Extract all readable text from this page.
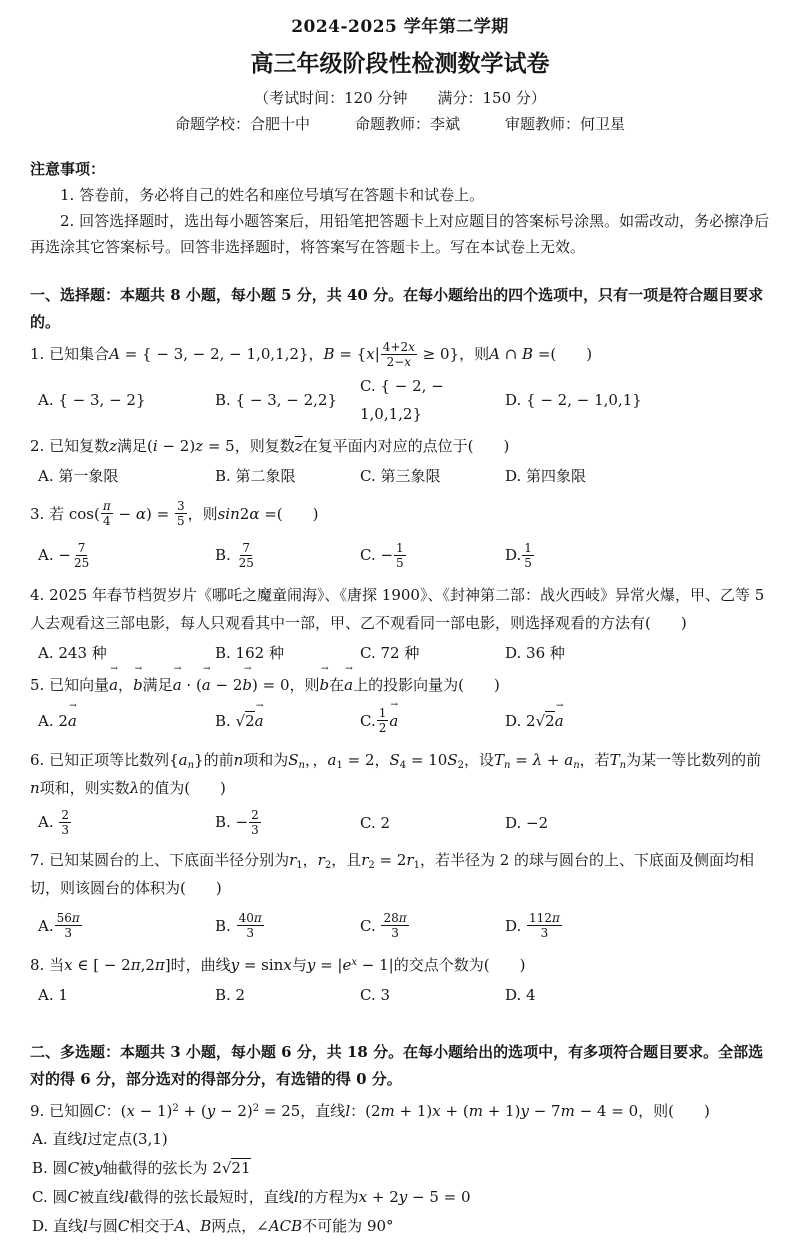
2024-2025 学年第二学期
高三年级阶段性检测数学试卷
（考试时间：120 分钟　　满分：150 分）
命题学校：合肥十中　　　命题教师：李斌　　　审题教师：何卫星

注意事项：

1. 答卷前，务必将自己的姓名和座位号填写在答题卡和试卷上。

2. 回答选择题时，选出每小题答案后，用铅笔把答题卡上对应题目的答案标号涂黑。如需改动，务必擦净后再选涂其它答案标号。回答非选择题时，将答案写在答题卡上。写在本试卷上无效。

一、选择题：本题共 8 小题，每小题 5 分，共 40 分。在每小题给出的四个选项中，只有一项是符合题目要求的。

1. 已知集合A = { − 3, − 2, − 1,0,1,2}，$B = \{x| \frac{4+2x}{2-x} \ge 0\}$，则A ∩ B =(　　)

A. { − 3, − 2}	B. { − 3, − 2,2}
C. { − 2, − 1,0,1,2}
D. { − 2, − 1,0,1}

2. 已知复数z满足(i − 2)z = 5，则复数$\overline{z}$在复平面内对应的点位于(　　)

A. 第一象限	B. 第二象限	C. 第三象限	D. 第四象限

3. 若 $\cos( \frac{\pi}{4} - \alpha) = \frac{3}{5}$ ，则sin2α =(　　)

A. − $\frac{7}{25}$	B. $\frac{7}{25}$	C. − $\frac{1}{5}$	D. $\frac{1}{5}$

4. 2025 年春节档贺岁片《哪吒之魔童闹海》、《唐探 1900》、《封神第二部：战火西岐》异常火爆，甲、乙等 5 人去观看这三部电影，每人只观看其中一部，甲、乙不观看同一部电影，则选择观看的方法有(　　)

A. 243 种	B. 162 种	C. 72 种	D. 36 种

5. 已知向量a →，b →满足a → · (a → − 2b →) = 0，则b →在a →上的投影向量为(　　)

A. 2a →	B. √2a →	C. $\frac{1}{2}$ a →	D. 2√2a →

6. 已知正项等比数列$\{a_n\}$的前n项和为$S_n$，，$a_1 = 2$，$S_4 = 10S_2$，设$T_n = \lambda + a_n$，若$T_n$为某一等比数列的前n项和，则实数λ的值为(　　)

A. $\frac{2}{3}$	B. − $\frac{2}{3}$	C. 2	D. −2

7. 已知某圆台的上、下底面半径分别为$r_1$，$r_2$，且$r_2 = 2r_1$，若半径为 2 的球与圆台的上、下底面及侧面均相切，则该圆台的体积为(　　)

A. $\frac{56\pi}{3}$	B. $\frac{40\pi}{3}$	C. $\frac{28\pi}{3}$	D. $\frac{112\pi}{3}$

8. 当x ∈ [ − 2π,2π]时，曲线y = sinx与$y = |e^x - 1|$的交点个数为(　　)

A. 1	B. 2	C. 3	D. 4

二、多选题：本题共 3 小题，每小题 6 分，共 18 分。在每小题给出的选项中，有多项符合题目要求。全部选对的得 6 分，部分选对的得部分分，有选错的得 0 分。

9. 已知圆C：$(x - 1)^2 + (y - 2)^2 = 25$，直线l：(2m + 1)x + (m + 1)y − 7m − 4 = 0，则(　　)

A. 直线l过定点(3,1)

B. 圆C被y轴截得的弦长为 2√21

C. 圆C被直线l截得的弦长最短时，直线l的方程为x + 2y − 5 = 0

D. 直线l与圆C相交于A、B两点，∠ACB不可能为 90°
